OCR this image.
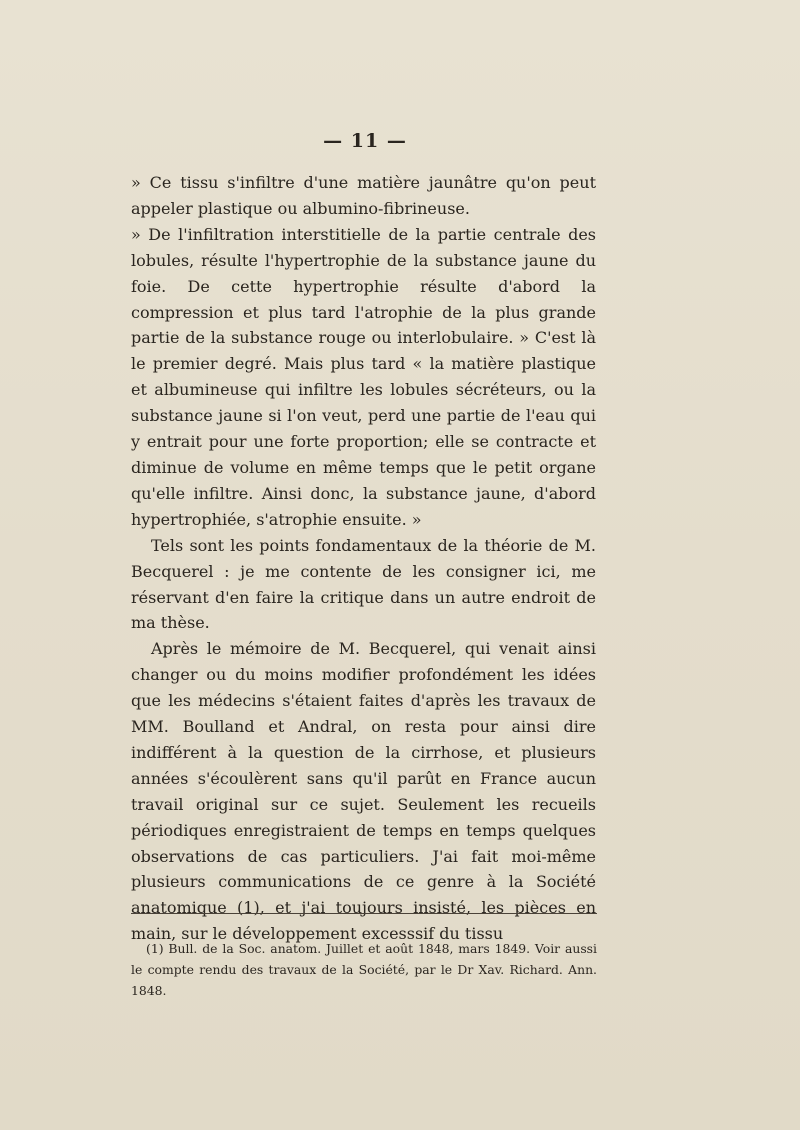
— 11 —

» Ce tissu s'infiltre d'une matière jaunâtre qu'on peut appeler plastique ou albumino-fibrineuse.

» De l'infiltration interstitielle de la partie centrale des lobules, résulte l'hypertrophie de la substance jaune du foie. De cette hypertrophie résulte d'abord la compression et plus tard l'atrophie de la plus grande partie de la substance rouge ou interlobulaire. » C'est là le premier degré. Mais plus tard « la matière plastique et albumineuse qui infiltre les lobules sécréteurs, ou la substance jaune si l'on veut, perd une partie de l'eau qui y entrait pour une forte proportion; elle se contracte et diminue de volume en même temps que le petit organe qu'elle infiltre. Ainsi donc, la substance jaune, d'abord hypertrophiée, s'atrophie ensuite. »

Tels sont les points fondamentaux de la théorie de M. Becquerel : je me contente de les consigner ici, me réservant d'en faire la critique dans un autre endroit de ma thèse.

Après le mémoire de M. Becquerel, qui venait ainsi changer ou du moins modifier profondément les idées que les médecins s'étaient faites d'après les travaux de MM. Boulland et Andral, on resta pour ainsi dire indifférent à la question de la cirrhose, et plusieurs années s'écoulèrent sans qu'il parût en France aucun travail original sur ce sujet. Seulement les recueils périodiques enregistraient de temps en temps quelques observations de cas particuliers. J'ai fait moi-même plusieurs communications de ce genre à la Société anatomique (1), et j'ai toujours insisté, les pièces en main, sur le développement excesssif du tissu

(1) Bull. de la Soc. anatom. Juillet et août 1848, mars 1849. Voir aussi le compte rendu des travaux de la Société, par le Dr Xav. Richard. Ann. 1848.
